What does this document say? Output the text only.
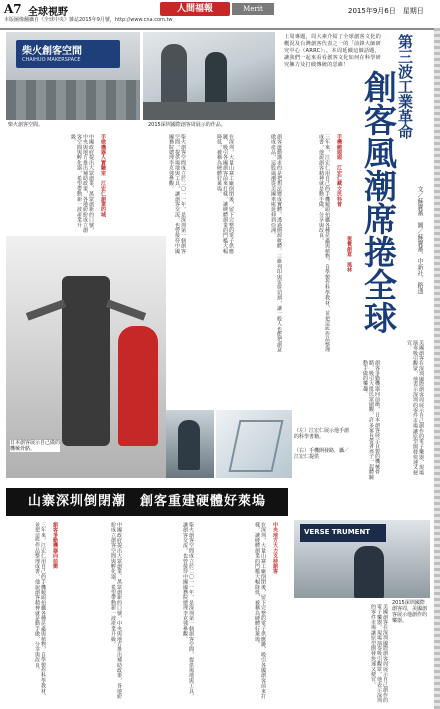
A7 全球視野
本版圖像翻攝自《全球中央》雜誌2015年9月號，http://www.cna.com.tw
人間福報	Merit Times
2015年9月6日　星期日
柴火創客空間
CHAIHUO MAKERSPACE
柴火創客空間。	2015深圳國際創客周展示的作品。
上周專題，周大素介紹了全球創客文化的概況及台灣創客代表之一的「前鋒大師研究中心（ARRC）」。本周延續這個話題，讓我們一起來看看創客文化如何在科學研究擁力及打破傳統的思維！	第三波工業革命
創客風潮席捲全球	文／蘇寶蕃　圖／蘇寶蕃、中新社、路透
手機鏡頭頭　江宏仁藏文民科普
三年來，江宏仁用自己的手機鏡頭拍攝各種昆蟲與植物，自學製作科學教材，並把這些作品整理成書，他說創客精神就是動手做、分享與改良。
創客運動講求的是把想法變成實體，透過開源軟體、三維列印與雷射切割，讓一般人也能把創意做成產品，這股風潮從美國車庫延伸到亞洲。
視覺創意　風林
在深圳，大量山寨工廠倒閉後，留下完整的電子供應鏈，吸引各國創客前來打樣，讓硬體創業的門檻大幅降低，被稱為硬體好萊塢。
柴火創客空間成立於二〇一一年，是深圳第一個創客空間，提供場地與工具，讓創客交流，也曾接待中國國務院總理李克強參觀。
手做機器人實驗室　江宏仁創業的城
中國政府提出大眾創業、萬眾創新的口號，中央與地方推出補助政策，各地紛紛成立創客空間與孵化器，希望帶動新一波產業升級。
創客爭勤機器向前衝，日本創客展示自製的機械骨骼，吸引大批民眾圍觀，許多家長帶著孩子一起體驗動手做的樂趣。	美國創客在深圳國際創客周展示自己創作的電子樂器，現場演奏吸引觀眾，他表示深圳的零件市場讓原型開發快速又便宜。
日本創客展示自己做的機械骨骼。
（左）江宏仁展示他手創的科學書籍。
（右）手機開發路，攝／江宏仁提供
山寨深圳倒閉潮　創客重建硬體好萊塢
中央地方大力支持創客
在深圳，大量山寨工廠倒閉後，留下完整的電子供應鏈，吸引各國創客前來打樣，讓硬體創業的門檻大幅降低，被稱為硬體好萊塢。
柴火創客空間成立於二〇一一年，是深圳第一個創客空間，提供場地與工具，讓創客交流，也曾接待中國國務院總理李克強參觀。
中國政府提出大眾創業、萬眾創新的口號，中央與地方推出補助政策，各地紛紛成立創客空間與孵化器，希望帶動新一波產業升級。
創客爭勤機器向前衝
三年來，江宏仁用自己的手機鏡頭拍攝各種昆蟲與植物，自學製作科學教材，並把這些作品整理成書，他說創客精神就是動手做、分享與改良。	VERSE TRUMENT
2015深圳國際創客周，美國創客展示他創作的樂器。
美國創客在深圳國際創客周展示自己創作的電子樂器，現場演奏吸引觀眾，他表示深圳的零件市場讓原型開發快速又便宜。
